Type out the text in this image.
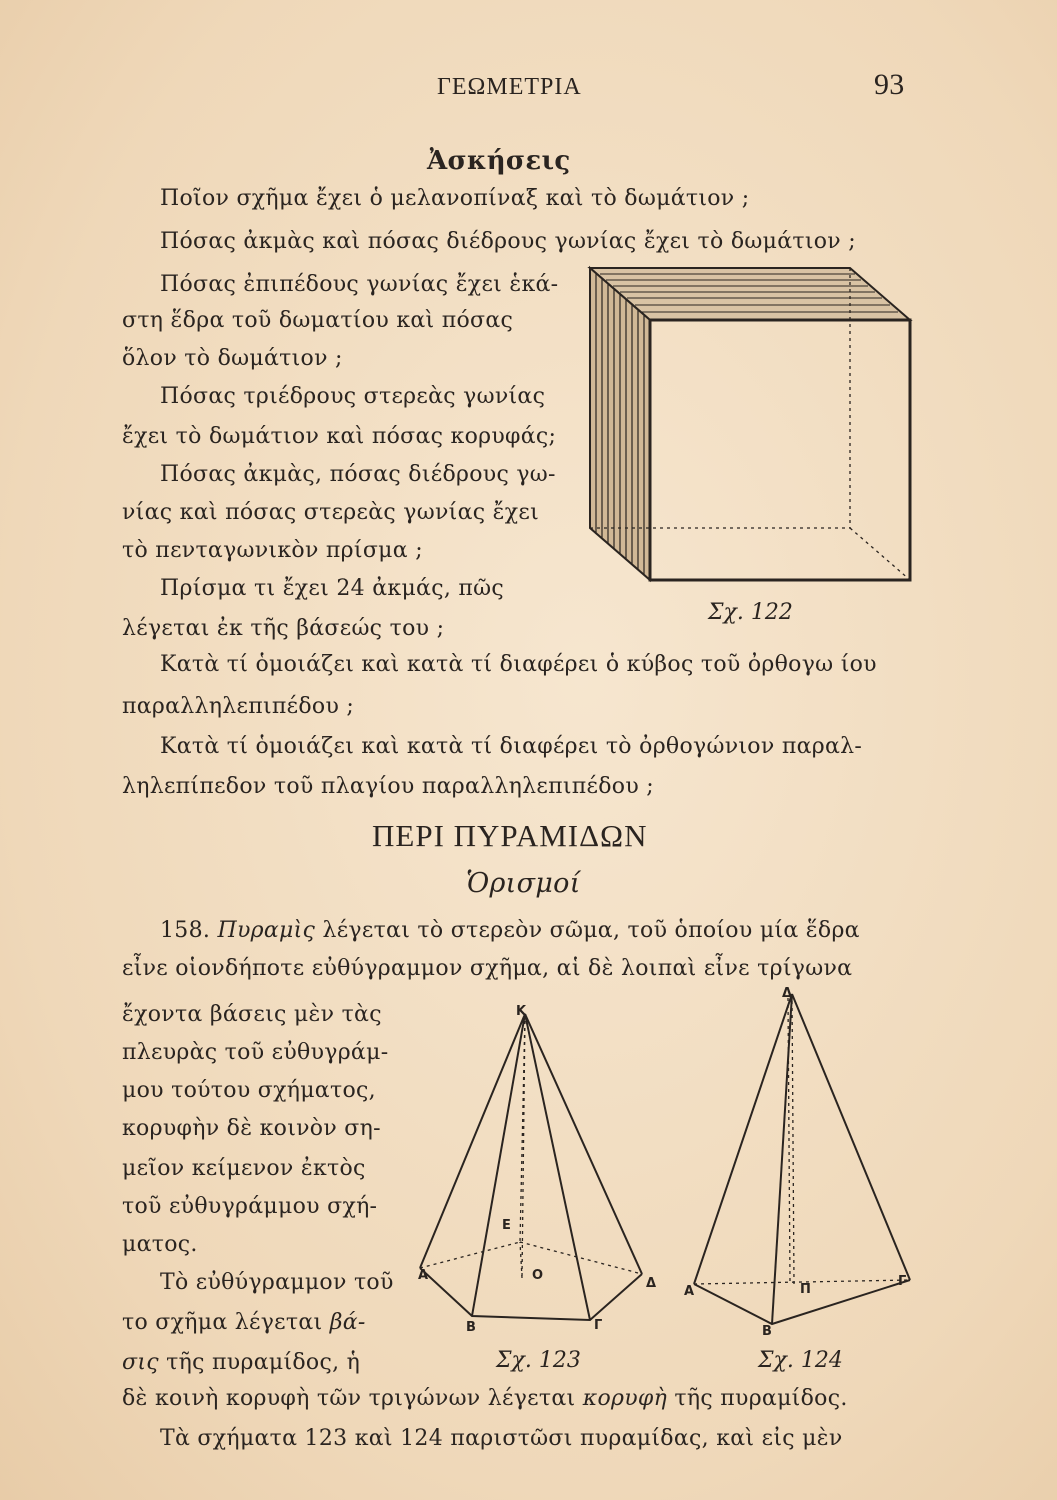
ΓΕΩΜΕΤΡΙΑ	93
Ἀσκήσεις
Ποῖον σχῆμα ἔχει ὁ μελανοπίναξ καὶ τὸ δωμάτιον ;
Πόσας ἀκμὰς καὶ πόσας διέδρους γωνίας ἔχει τὸ δωμάτιον ;
Πόσας ἐπιπέδους γωνίας ἔχει ἑκά-
στη ἕδρα τοῦ δωματίου καὶ πόσας
ὅλον τὸ δωμάτιον ;
Πόσας τριέδρους στερεὰς γωνίας
ἔχει τὸ δωμάτιον καὶ πόσας κορυφάς;
Πόσας ἀκμὰς, πόσας διέδρους γω-
νίας καὶ πόσας στερεὰς γωνίας ἔχει
τὸ πενταγωνικὸν πρίσμα ;
Πρίσμα τι ἔχει 24 ἀκμάς, πῶς
λέγεται ἐκ τῆς βάσεώς του ;
Κατὰ τί ὁμοιάζει καὶ κατὰ τί διαφέρει ὁ κύβος τοῦ ὀρθογω ίου
παραλληλεπιπέδου ;
Κατὰ τί ὁμοιάζει καὶ κατὰ τί διαφέρει τὸ ὀρθογώνιον παραλ-
ληλεπίπεδον τοῦ πλαγίου παραλληλεπιπέδου ;
Σχ. 122
ΠΕΡΙ ΠΥΡΑΜΙΔΩΝ
Ὁρισμοί
158. Πυραμὶς λέγεται τὸ στερεὸν σῶμα, τοῦ ὁποίου μία ἕδρα
εἶνε οἱονδήποτε εὐθύγραμμον σχῆμα, αἱ δὲ λοιπαὶ εἶνε τρίγωνα
ἔχοντα βάσεις μὲν τὰς
πλευρὰς τοῦ εὐθυγράμ-
μου τούτου σχήματος,
κορυφὴν δὲ κοινὸν ση-
μεῖον κείμενον ἐκτὸς
τοῦ εὐθυγράμμου σχή-
ματος.
Τὸ εὐθύγραμμον τοῦ
το σχῆμα λέγεται βά-
σις τῆς πυραμίδος, ἡ
δὲ κοινὴ κορυφὴ τῶν τριγώνων λέγεται κορυφὴ τῆς πυραμίδος.
Τὰ σχήματα 123 καὶ 124 παριστῶσι πυραμίδας, καὶ εἰς μὲν
Κ
Ε
Ο
Α
Δ
Β	Γ
Σχ. 123
Δ
Α	Π
Γ
Β
Σχ. 124
